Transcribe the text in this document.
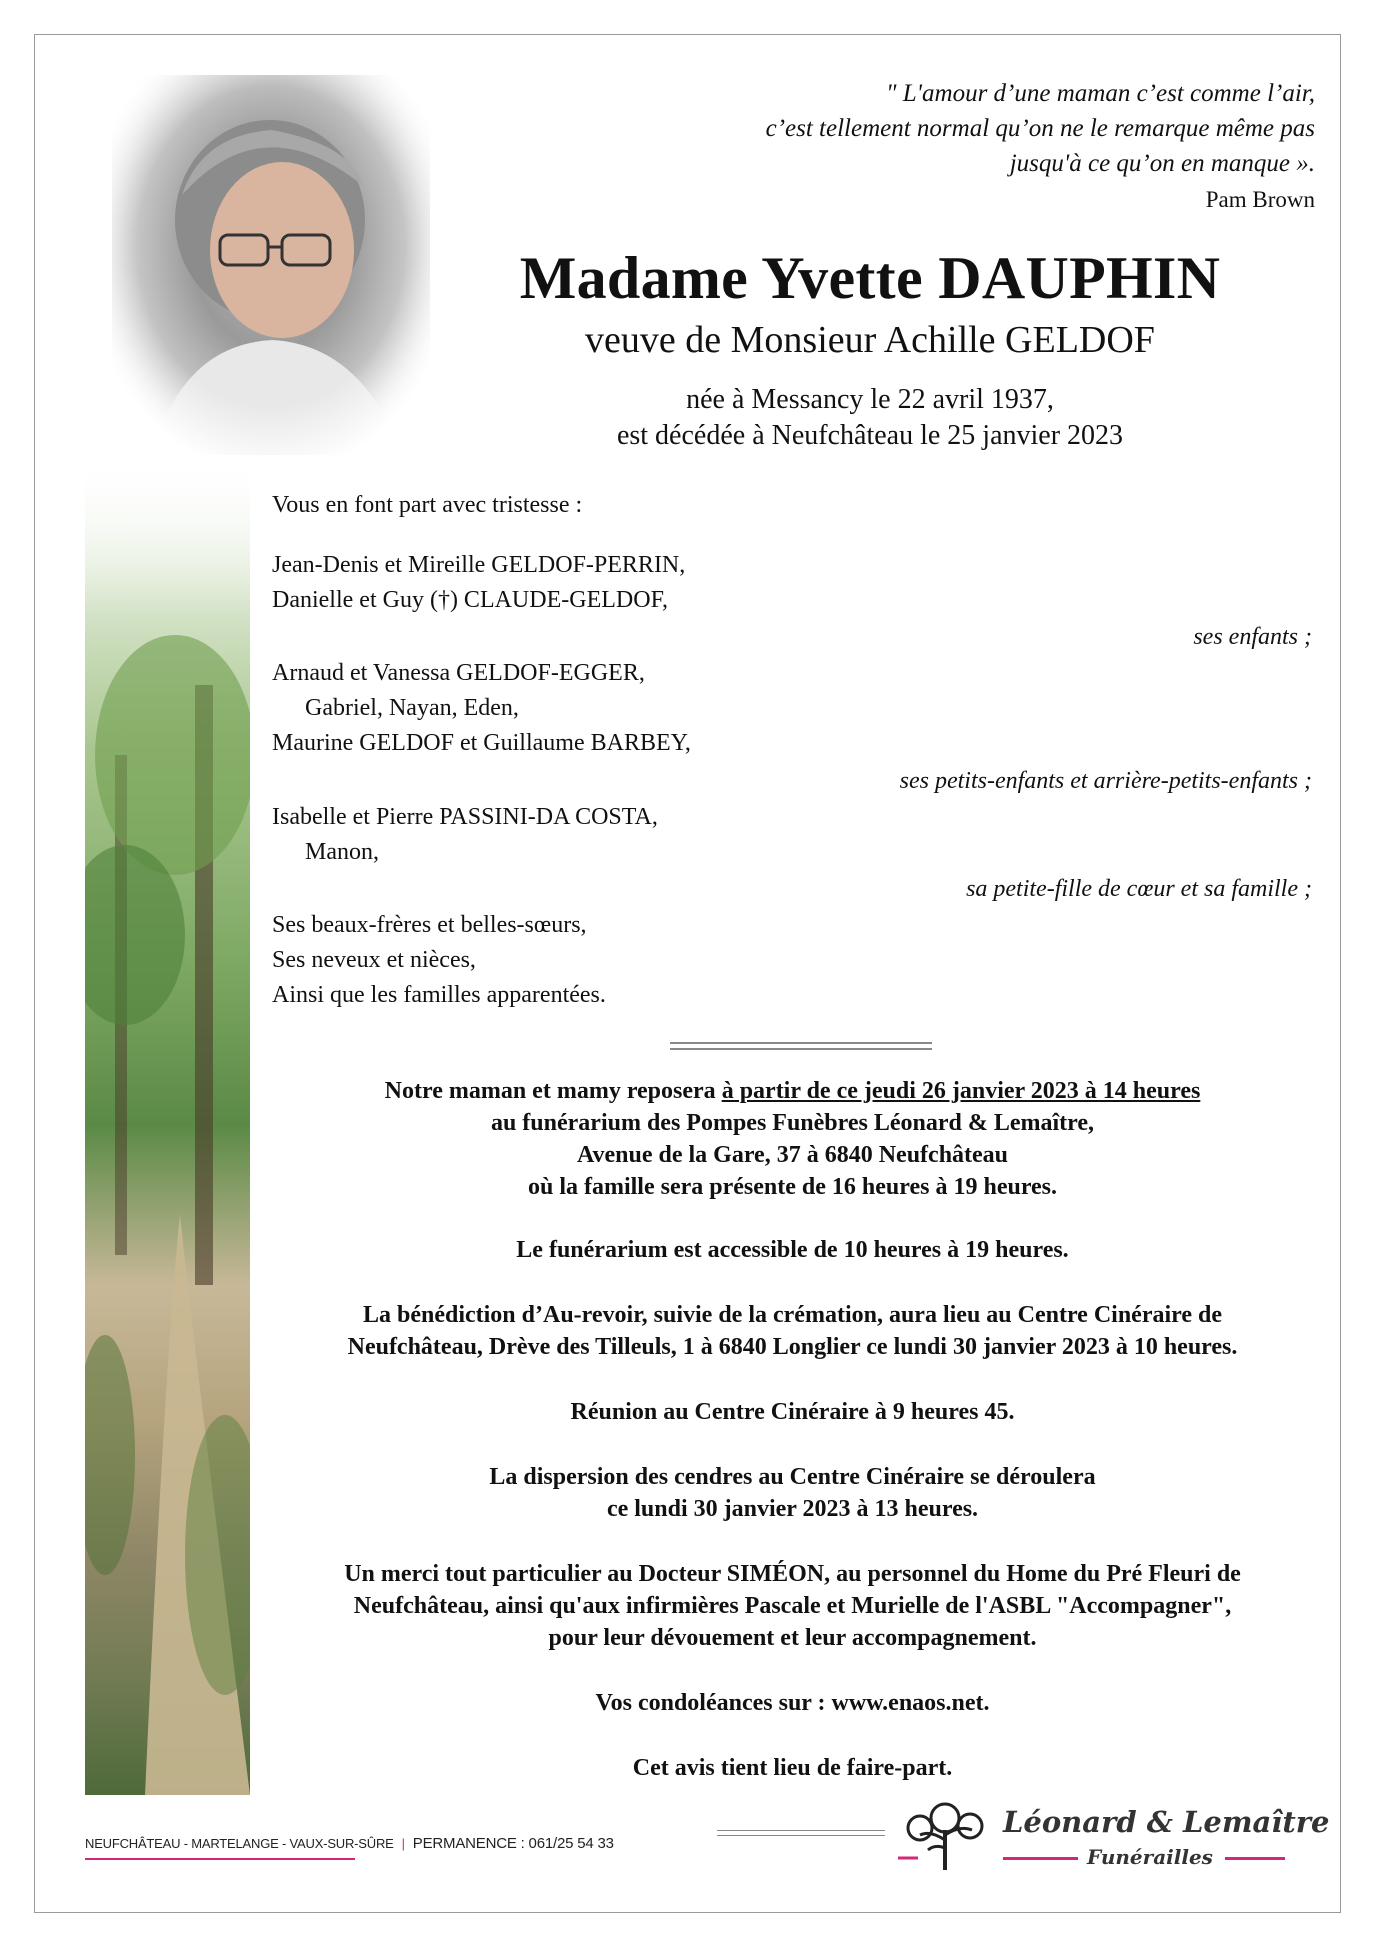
" L'amour d’une maman c’est comme l’air,
c’est tellement normal qu’on ne le remarque même pas
jusqu'à ce qu’on en manque ».
Pam Brown
Madame Yvette DAUPHIN
veuve de Monsieur Achille GELDOF
née à Messancy le 22 avril 1937,
est décédée à Neufchâteau le 25 janvier 2023
Vous en font part avec tristesse :
Jean-Denis et Mireille GELDOF-PERRIN,
Danielle et Guy (†) CLAUDE-GELDOF,
ses enfants ;
Arnaud et Vanessa GELDOF-EGGER,
Gabriel, Nayan, Eden,
Maurine GELDOF et Guillaume BARBEY,
ses petits-enfants et arrière-petits-enfants ;
Isabelle et Pierre PASSINI-DA COSTA,
Manon,
sa petite-fille de cœur et sa famille ;
Ses beaux-frères et belles-sœurs,
Ses neveux et nièces,
Ainsi que les familles apparentées.
Notre maman et mamy reposera à partir de ce jeudi 26 janvier 2023 à 14 heures
au funérarium des Pompes Funèbres Léonard & Lemaître,
Avenue de la Gare, 37 à 6840 Neufchâteau
où la famille sera présente de 16 heures à 19 heures.
Le funérarium est accessible de 10 heures à 19 heures.
La bénédiction d’Au-revoir, suivie de la crémation, aura lieu au Centre Cinéraire de
Neufchâteau, Drève des Tilleuls, 1 à 6840 Longlier ce lundi 30 janvier 2023 à 10 heures.
Réunion au Centre Cinéraire à 9 heures 45.
La dispersion des cendres au Centre Cinéraire se déroulera
ce lundi 30 janvier 2023 à 13 heures.
Un merci tout particulier au Docteur SIMÉON, au personnel du Home du Pré Fleuri de
Neufchâteau, ainsi qu'aux infirmières Pascale et Murielle de l'ASBL "Accompagner",
pour leur dévouement et leur accompagnement.
Vos condoléances sur : www.enaos.net.
Cet avis tient lieu de faire-part.
NEUFCHÂTEAU - MARTELANGE - VAUX-SUR-SÛRE | PERMANENCE : 061/25 54 33
Léonard & Lemaître
Funérailles
